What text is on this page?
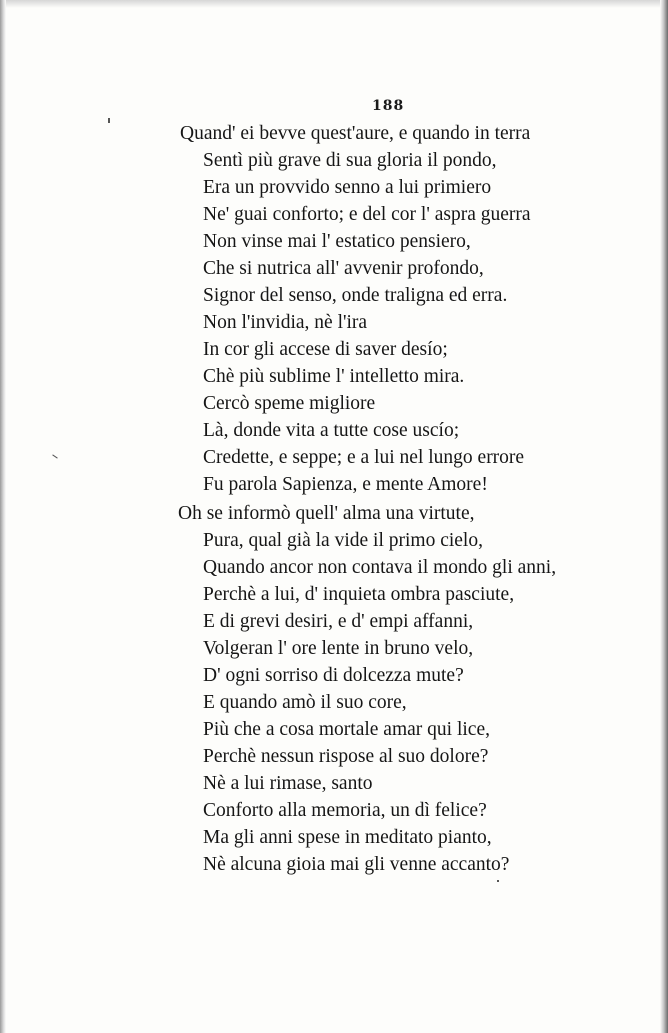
188
Quand' ei bevve quest'aure, e quando in terra
Sentì più grave di sua gloria il pondo,
Era un provvido senno a lui primiero
Ne' guai conforto; e del cor l' aspra guerra
Non vinse mai l' estatico pensiero,
Che si nutrica all' avvenir profondo,
Signor del senso, onde traligna ed erra.
Non l'invidia, nè l'ira
In cor gli accese di saver desío;
Chè più sublime l' intelletto mira.
Cercò speme migliore
Là, donde vita a tutte cose uscío;
Credette, e seppe; e a lui nel lungo errore
Fu parola Sapienza, e mente Amore!
Oh se informò quell' alma una virtute,
Pura, qual già la vide il primo cielo,
Quando ancor non contava il mondo gli anni,
Perchè a lui, d' inquieta ombra pasciute,
E di grevi desiri, e d' empi affanni,
Volgeran l' ore lente in bruno velo,
D' ogni sorriso di dolcezza mute?
E quando amò il suo core,
Più che a cosa mortale amar qui lice,
Perchè nessun rispose al suo dolore?
Nè a lui rimase, santo
Conforto alla memoria, un dì felice?
Ma gli anni spese in meditato pianto,
Nè alcuna gioia mai gli venne accanto?
